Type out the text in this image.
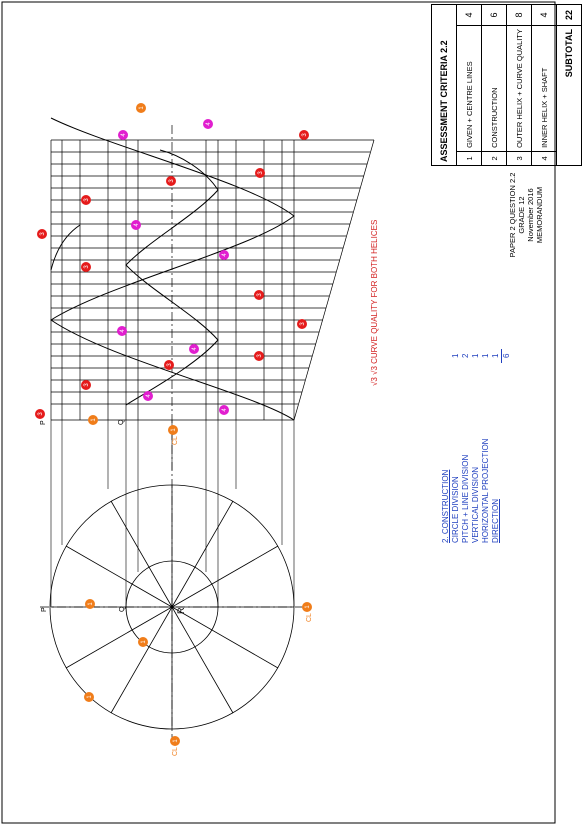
P	Q
P	Q	R
CL
CL
CL
1
1
1
1
1
1
1
1
3
3
3
3
3
3
3
3
3
3
3
3
4
4
4
4
4
4
4
4
√3 √3 CURVE QUALITY FOR BOTH HELICES
2. CONSTRUCTION CIRCLE DIVISION
1
PITCH + LINE DIVISION
2
VERTICAL DIVISION
1
HORIZONTAL PROJECTION
1
DIRECTION
1 6
PAPER 2 QUESTION 2.2 GRADE 12 November 2016 MEMORANDUM
ASSESSMENT CRITERIA 2.2		
1	GIVEN + CENTRE LINES	4
2	CONSTRUCTION	6
3	OUTER HELIX + CURVE QUALITY	8
4	INNER HELIX + SHAFT	4
SUBTOTAL		22
